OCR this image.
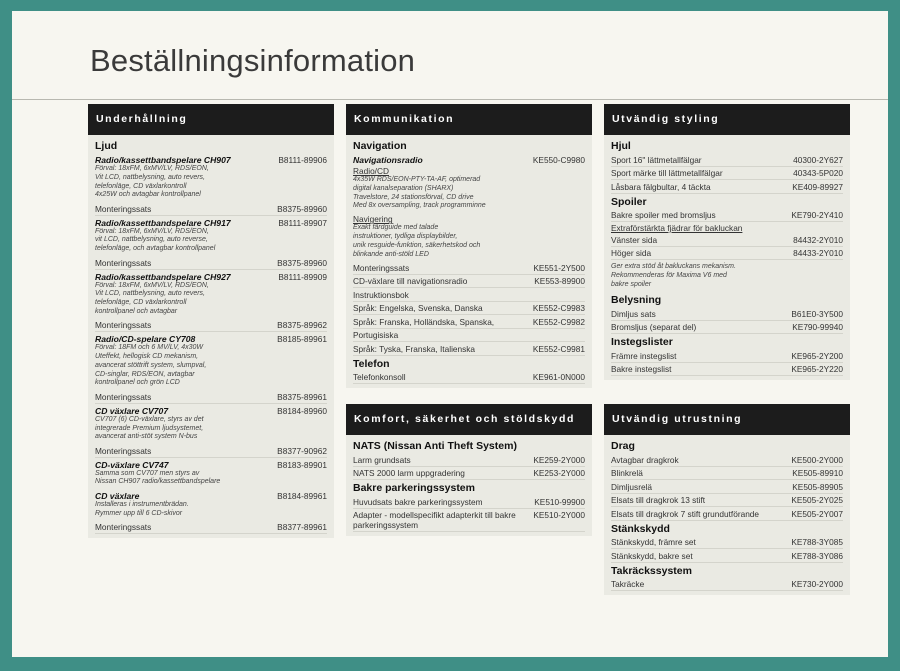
Beställningsinformation
Underhållning
Ljud
Radio/kassettbandspelare CH907	B8111-89906
Förval: 18xFM, 6xMV/LV, RDS/EON,
Vit LCD, nattbelysning, auto revers,
telefonläge, CD växlarkontroll
4x25W och avtagbar kontrollpanel
Monteringssats	B8375-89960
Radio/kassettbandspelare CH917	B8111-89907
Förval: 18xFM, 6xMV/LV, RDS/EON,
vit LCD, nattbelysning, auto reverse,
telefonläge, och avtagbar kontrollpanel
Monteringssats	B8375-89960
Radio/kassettbandspelare CH927	B8111-89909
Förval: 18xFM, 6xMV/LV, RDS/EON,
Vit LCD, nattbelysning, auto revers,
telefonläge, CD växlarkontroll
kontrollpanel och avtagbar
Monteringssats	B8375-89962
Radio/CD-spelare CY708	B8185-89961
Förval: 18FM och 6 MV/LV, 4x30W
Uteffekt, hellogisk CD mekanism,
avancerat stöttrift system, slumpval,
CD-singlar, RDS/EON, avtagbar
kontrollpanel och grön LCD
Monteringssats	B8375-89961
CD växlare CV707	B8184-89960
CV707 (6) CD-växlare, styrs av det
integrerade Premium ljudsystemet,
avancerat anti-stöt system N-bus
Monteringssats	B8377-90962
CD-växlare CV747	B8183-89901
Samma som CV707 men styrs av
Nissan CH907 radio/kassettbandspelare
CD växlare	B8184-89961
Installeras i instrumentbrädan.
Rymmer upp till 6 CD-skivor
Monteringssats	B8377-89961
Kommunikation
Navigation
Navigationsradio	KE550-C9980
Radio/CD
4x35W RDS/EON-PTY-TA-AF, optimerad
digital kanalseparation (SHARX)
Travelstore, 24 stationsförval, CD drive
Med 8x oversampling, track programminne
Navigering
Exakt färdguide med talade
instruktioner, tydliga displaybilder,
unik resguide-funktion, säkerhetskod och
blinkande anti-stöld LED
Monteringssats	KE551-2Y500
CD-växlare till navigationsradio	KE553-89900
Instruktionsbok
Språk: Engelska, Svenska, Danska	KE552-C9983
Språk: Franska, Holländska, Spanska,	KE552-C9982
Portugisiska
Språk: Tyska, Franska, Italienska	KE552-C9981
Telefon
Telefonkonsoll	KE961-0N000
Komfort, säkerhet och stöldskydd
NATS (Nissan Anti Theft System)
Larm grundsats	KE259-2Y000
NATS 2000 larm uppgradering	KE253-2Y000
Bakre parkeringssystem
Huvudsats bakre parkeringssystem	KE510-99900
Adapter - modellspecifikt adapterkit till bakre parkeringssystem
KE510-2Y000
Utvändig styling
Hjul
Sport 16" lättmetallfälgar	40300-2Y627
Sport märke till lättmetallfälgar	40343-5P020
Låsbara fälgbultar, 4 täckta	KE409-89927
Spoiler
Bakre spoiler med bromsljus	KE790-2Y410
Extraförstärkta fjädrar för bakluckan
Vänster sida	84432-2Y010
Höger sida	84433-2Y010
Ger extra stöd åt bakluckans mekanism.
Rekommenderas för Maxima V6 med
bakre spoiler
Belysning
Dimljus sats	B61E0-3Y500
Bromsljus (separat del)	KE790-99940
Instegslister
Främre instegslist	KE965-2Y200
Bakre instegslist	KE965-2Y220
Utvändig utrustning
Drag
Avtagbar dragkrok	KE500-2Y000
Blinkrelä	KE505-89910
Dimljusrelä	KE505-89905
Elsats till dragkrok 13 stift	KE505-2Y025
Elsats till dragkrok 7 stift grundutförande	KE505-2Y007
Stänkskydd
Stänkskydd, främre set	KE788-3Y085
Stänkskydd, bakre set	KE788-3Y086
Takräckssystem
Takräcke	KE730-2Y000
